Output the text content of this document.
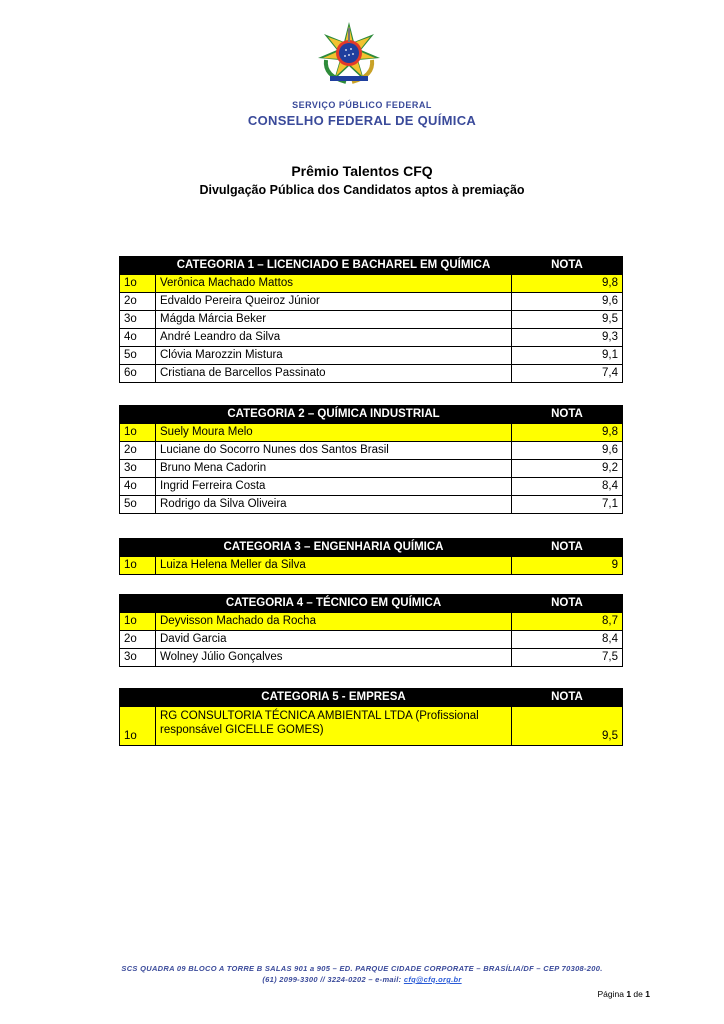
SERVIÇO PÚBLICO FEDERAL
CONSELHO FEDERAL DE QUÍMICA
Prêmio Talentos CFQ
Divulgação Pública dos Candidatos aptos à premiação
	CATEGORIA 1 – LICENCIADO E BACHAREL EM QUÍMICA	NOTA
1o	Verônica Machado Mattos	9,8
2o	Edvaldo Pereira Queiroz Júnior	9,6
3o	Mágda Márcia Beker	9,5
4o	André Leandro da Silva	9,3
5o	Clóvia Marozzin Mistura	9,1
6o	Cristiana de Barcellos Passinato	7,4
	CATEGORIA 2 – QUÍMICA INDUSTRIAL	NOTA
1o	Suely Moura Melo	9,8
2o	Luciane do Socorro Nunes dos Santos Brasil	9,6
3o	Bruno Mena Cadorin	9,2
4o	Ingrid Ferreira Costa	8,4
5o	Rodrigo da Silva Oliveira	7,1
	CATEGORIA 3 – ENGENHARIA QUÍMICA	NOTA
1o	Luiza Helena Meller da Silva	9
	CATEGORIA 4 – TÉCNICO EM QUÍMICA	NOTA
1o	Deyvisson Machado da Rocha	8,7
2o	David Garcia	8,4
3o	Wolney Júlio Gonçalves	7,5
	CATEGORIA 5 - EMPRESA	NOTA
1o	RG CONSULTORIA TÉCNICA AMBIENTAL LTDA (Profissional responsável GICELLE GOMES)	9,5
SCS QUADRA 09 BLOCO A TORRE B SALAS 901 a 905 – ED. PARQUE CIDADE CORPORATE – BRASÍLIA/DF – CEP 70308-200.
(61) 2099-3300 // 3224-0202 – e-mail: cfq@cfq.org.br
Página 1 de 1
